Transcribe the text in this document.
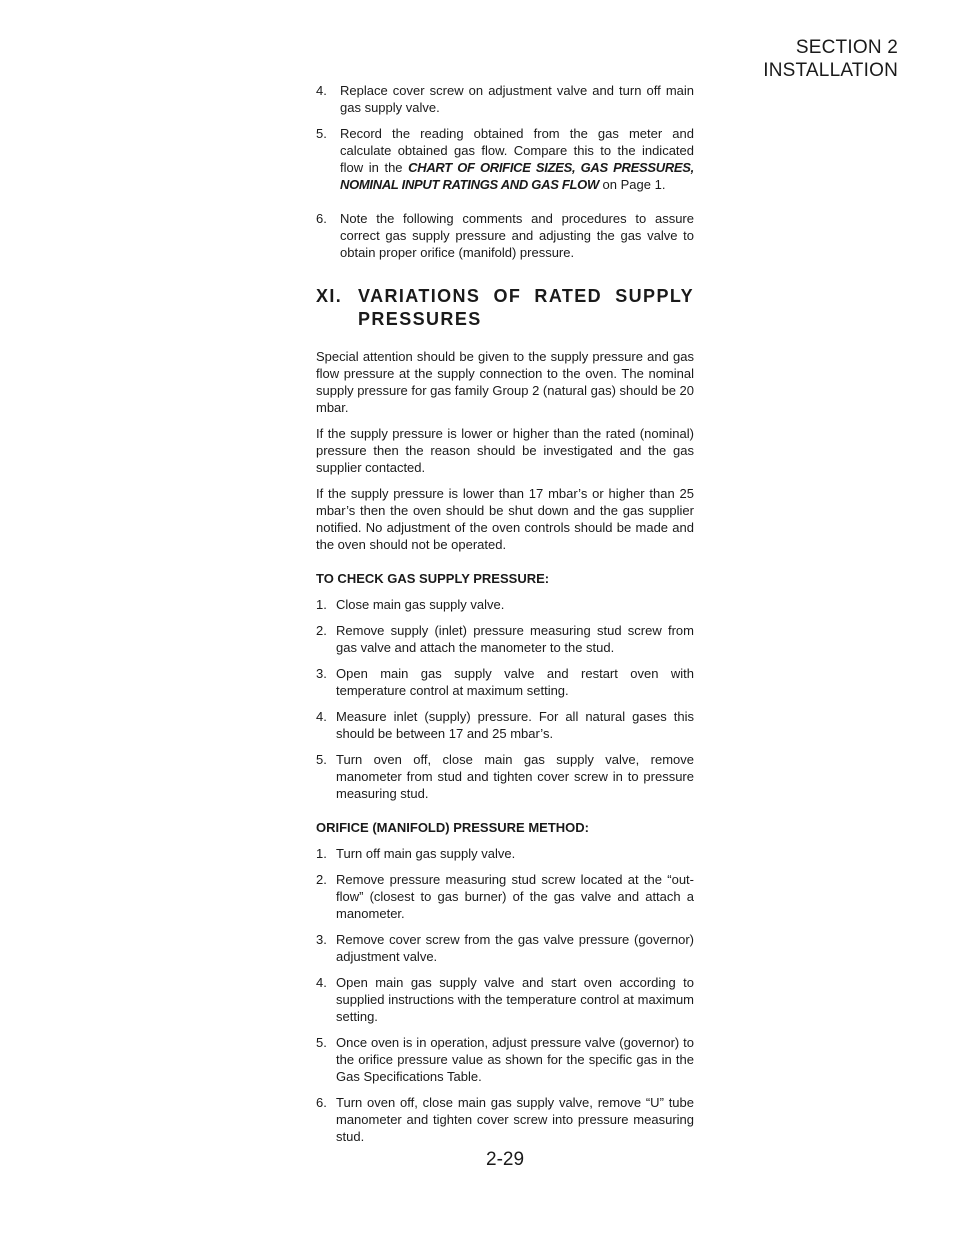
SECTION 2
INSTALLATION
4.	Replace cover screw on adjustment valve and turn off main gas supply valve.
5.	Record the reading obtained from the gas meter and calculate obtained gas flow. Compare this to the indicated flow in the CHART OF ORIFICE SIZES, GAS PRESSURES, NOMINAL INPUT RATINGS AND GAS FLOW on Page 1.
6.	Note the following comments and procedures to assure correct gas supply pressure and adjusting the gas valve to obtain proper orifice (manifold) pressure.
XI. VARIATIONS OF RATED SUPPLY PRESSURES
Special attention should be given to the supply pressure and gas flow pressure at the supply connection to the oven. The nominal supply pressure for gas family Group 2 (natural gas) should be 20 mbar.
If the supply pressure is lower or higher than the rated (nominal) pressure then the reason should be investigated and the gas supplier contacted.
If the supply pressure is lower than 17 mbar’s or higher than 25 mbar’s then the oven should be shut down and the gas supplier notified. No adjustment of the oven controls should be made and the oven should not be operated.
TO CHECK GAS SUPPLY PRESSURE:
1. Close main gas supply valve.
2. Remove supply (inlet) pressure measuring stud screw from gas valve and attach the manometer to the stud.
3. Open main gas supply valve and restart oven with temperature control at maximum setting.
4. Measure inlet (supply) pressure. For all natural gases this should be between 17 and 25 mbar’s.
5. Turn oven off, close main gas supply valve, remove manometer from stud and tighten cover screw in to pressure measuring stud.
ORIFICE (MANIFOLD) PRESSURE METHOD:
1. Turn off main gas supply valve.
2. Remove pressure measuring stud screw located at the “out-flow” (closest to gas burner) of the gas valve and attach a manometer.
3. Remove cover screw from the gas valve pressure (governor) adjustment valve.
4. Open main gas supply valve and start oven according to supplied instructions with the temperature control at maximum setting.
5. Once oven is in operation, adjust pressure valve (governor) to the orifice pressure value as shown for the specific gas in the Gas Specifications Table.
6. Turn oven off, close main gas supply valve, remove “U” tube manometer and tighten cover screw into pressure measuring stud.
2-29
